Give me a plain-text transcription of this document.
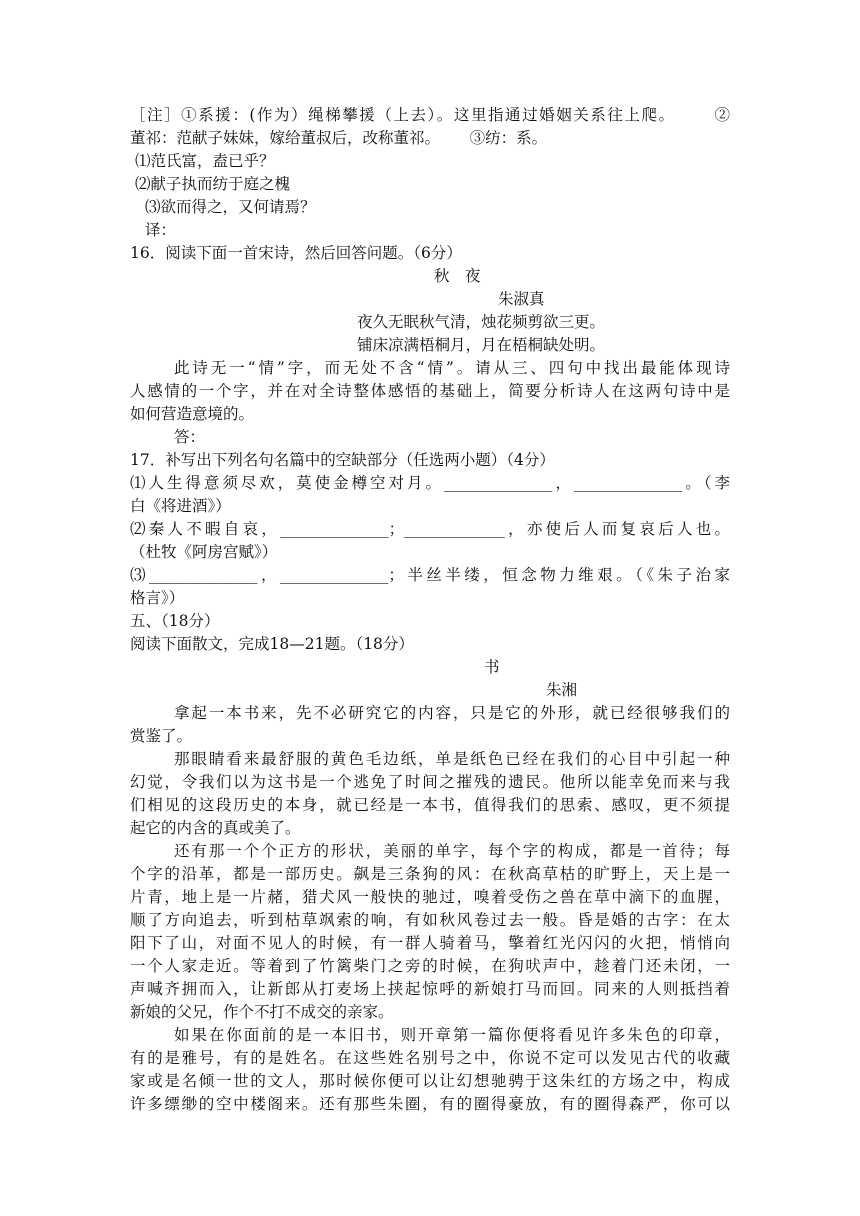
［注］①系援：(作为）绳梯攀援（上去）。这里指通过婚姻关系往上爬。      ②
董祁：范献子妹妹，嫁给董叔后，改称董祁。      ③纺：系。
⑴范氏富，盍已乎？
⑵献子执而纺于庭之槐
⑶欲而得之，又何请焉？
译：
16．阅读下面一首宋诗，然后回答问题。（6分）
秋　夜
朱淑真
夜久无眠秋气清，烛花频剪欲三更。
铺床凉满梧桐月，月在梧桐缺处明。
此诗无一“情”字，而无处不含“情”。请从三、四句中找出最能体现诗
人感情的一个字，并在对全诗整体感悟的基础上，简要分析诗人在这两句诗中是
如何营造意境的。
答：
17．补写出下列名句名篇中的空缺部分（任选两小题）（4分）
⑴人生得意须尽欢，莫使金樽空对月。______________，______________。（李
白《将进酒》）
⑵秦人不暇自哀，______________；_____________，亦使后人而复哀后人也。
（杜牧《阿房宫赋》）
⑶______________，______________；半丝半缕，恒念物力维艰。（《朱子治家
格言》）
五、（18分）
阅读下面散文，完成18—21题。（18分）
书
朱湘
拿起一本书来，先不必研究它的内容，只是它的外形，就已经很够我们的
赏鉴了。
那眼睛看来最舒服的黄色毛边纸，单是纸色已经在我们的心目中引起一种
幻觉，令我们以为这书是一个逃免了时间之摧残的遗民。他所以能幸免而来与我
们相见的这段历史的本身，就已经是一本书，值得我们的思索、感叹，更不须提
起它的内含的真或美了。
还有那一个个正方的形状，美丽的单字，每个字的构成，都是一首待；每
个字的沿革，都是一部历史。飙是三条狗的风：在秋高草枯的旷野上，天上是一
片青，地上是一片赭，猎犬风一般快的驰过，嗅着受伤之兽在草中滴下的血腥，
顺了方向追去，听到枯草飒索的响，有如秋风卷过去一般。昏是婚的古字：在太
阳下了山，对面不见人的时候，有一群人骑着马，擎着红光闪闪的火把，悄悄向
一个人家走近。等着到了竹篱柴门之旁的时候，在狗吠声中，趁着门还未闭，一
声喊齐拥而入，让新郎从打麦场上挟起惊呼的新娘打马而回。同来的人则抵挡着
新娘的父兄，作个不打不成交的亲家。
如果在你面前的是一本旧书，则开章第一篇你便将看见许多朱色的印章，
有的是雅号，有的是姓名。在这些姓名别号之中，你说不定可以发见古代的收藏
家或是名倾一世的文人，那时候你便可以让幻想驰骋于这朱红的方场之中，构成
许多缥缈的空中楼阁来。还有那些朱圈，有的圈得豪放，有的圈得森严，你可以
